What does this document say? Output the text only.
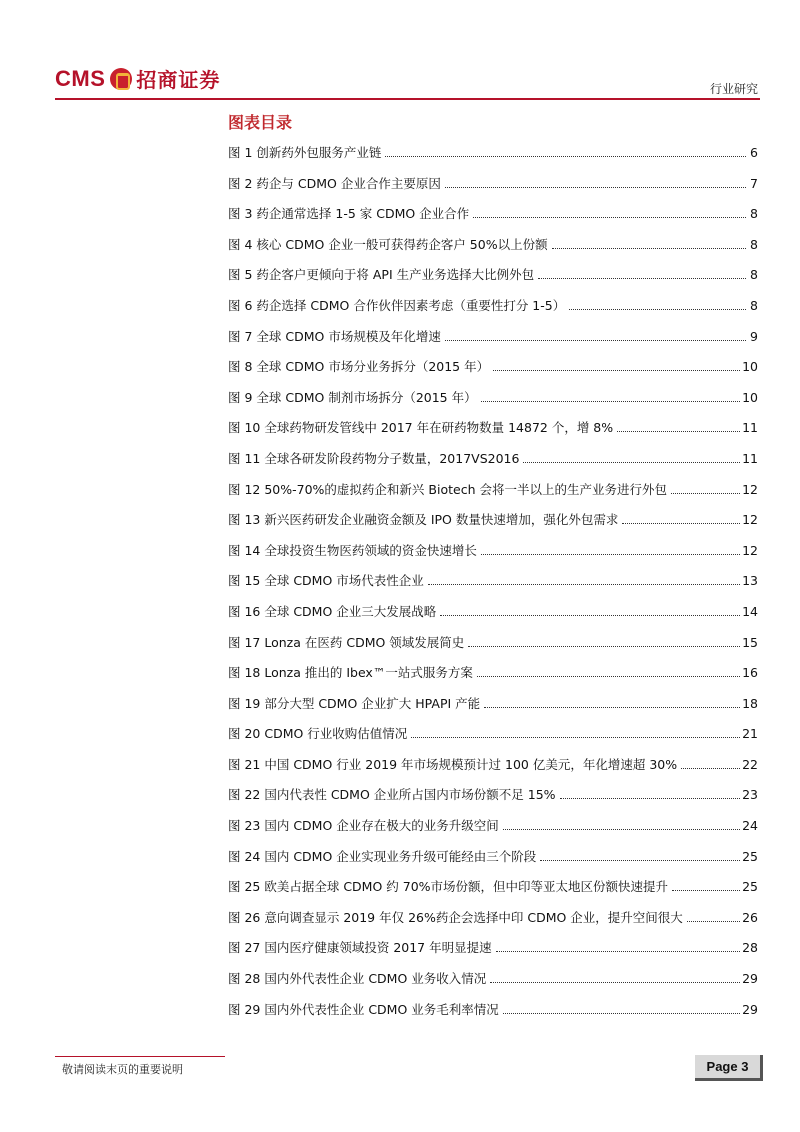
CMS 招商证券	行业研究
图表目录
图 1 创新药外包服务产业链	6
图 2 药企与 CDMO 企业合作主要原因	7
图 3 药企通常选择 1-5 家 CDMO 企业合作	8
图 4 核心 CDMO 企业一般可获得药企客户 50%以上份额	8
图 5 药企客户更倾向于将 API 生产业务选择大比例外包	8
图 6 药企选择 CDMO 合作伙伴因素考虑（重要性打分 1-5）	8
图 7 全球 CDMO 市场规模及年化增速	9
图 8 全球 CDMO 市场分业务拆分（2015 年）	10
图 9 全球 CDMO 制剂市场拆分（2015 年）	10
图 10 全球药物研发管线中 2017 年在研药物数量 14872 个，增 8%	11
图 11 全球各研发阶段药物分子数量，2017VS2016	11
图 12 50%-70%的虚拟药企和新兴 Biotech 会将一半以上的生产业务进行外包	12
图 13 新兴医药研发企业融资金额及 IPO 数量快速增加，强化外包需求	12
图 14 全球投资生物医药领域的资金快速增长	12
图 15 全球 CDMO 市场代表性企业	13
图 16 全球 CDMO 企业三大发展战略	14
图 17 Lonza 在医药 CDMO 领域发展简史	15
图 18 Lonza 推出的 Ibex™一站式服务方案	16
图 19 部分大型 CDMO 企业扩大 HPAPI 产能	18
图 20 CDMO 行业收购估值情况	21
图 21 中国 CDMO 行业 2019 年市场规模预计过 100 亿美元，年化增速超 30%	22
图 22 国内代表性 CDMO 企业所占国内市场份额不足 15%	23
图 23 国内 CDMO 企业存在极大的业务升级空间	24
图 24 国内 CDMO 企业实现业务升级可能经由三个阶段	25
图 25 欧美占据全球 CDMO 约 70%市场份额，但中印等亚太地区份额快速提升	25
图 26 意向调查显示 2019 年仅 26%药企会选择中印 CDMO 企业，提升空间很大	26
图 27 国内医疗健康领域投资 2017 年明显提速	28
图 28 国内外代表性企业 CDMO 业务收入情况	29
图 29 国内外代表性企业 CDMO 业务毛利率情况	29
敬请阅读末页的重要说明	Page 3
